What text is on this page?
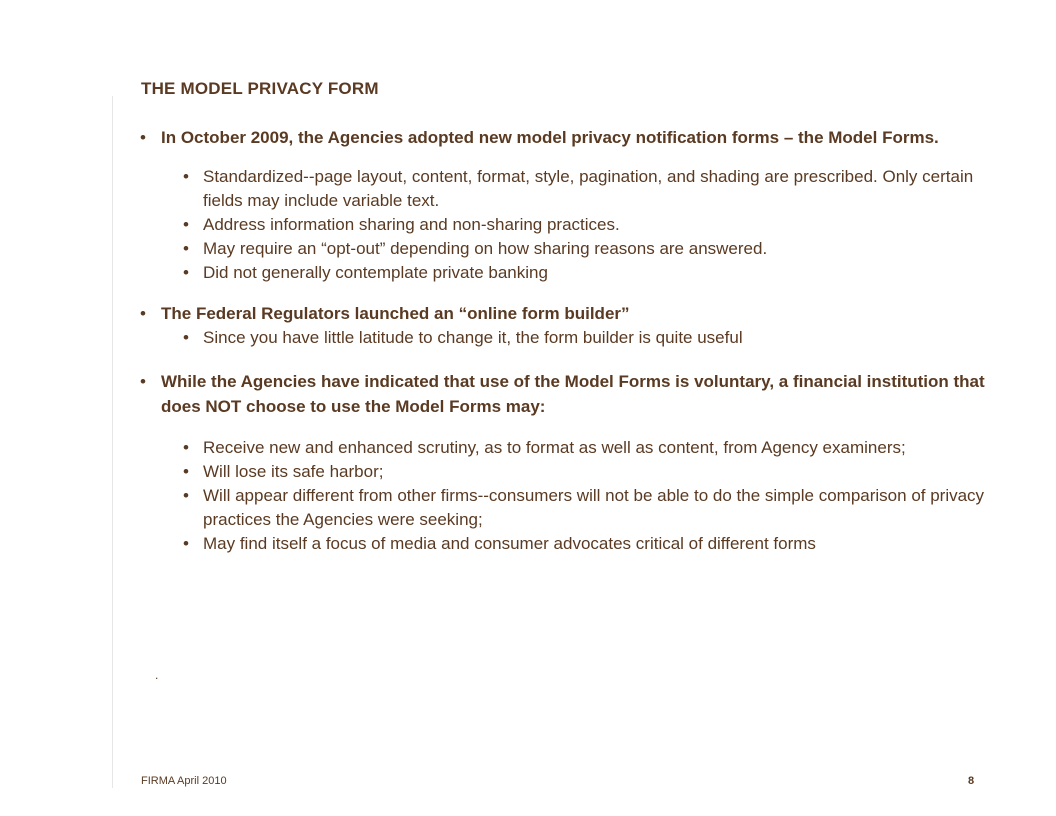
THE MODEL PRIVACY FORM
• In October 2009, the Agencies adopted new model privacy notification forms – the Model Forms.
• Standardized--page layout, content, format, style, pagination, and shading are prescribed. Only certain fields may include variable text.
• Address information sharing and non-sharing practices.
• May require an “opt-out” depending on how sharing reasons are answered.
• Did not generally contemplate private banking
• The Federal Regulators launched an “online form builder”
• Since you have little latitude to change it, the form builder is quite useful
• While the Agencies have indicated that use of the Model Forms is voluntary, a financial institution that does NOT choose to use the Model Forms may:
• Receive new and enhanced scrutiny, as to format as well as content, from Agency examiners;
• Will lose its safe harbor;
• Will appear different from other firms--consumers will not be able to do the simple comparison of privacy practices the Agencies were seeking;
• May find itself a focus of media and consumer advocates critical of different forms
.
FIRMA April 2010	8
